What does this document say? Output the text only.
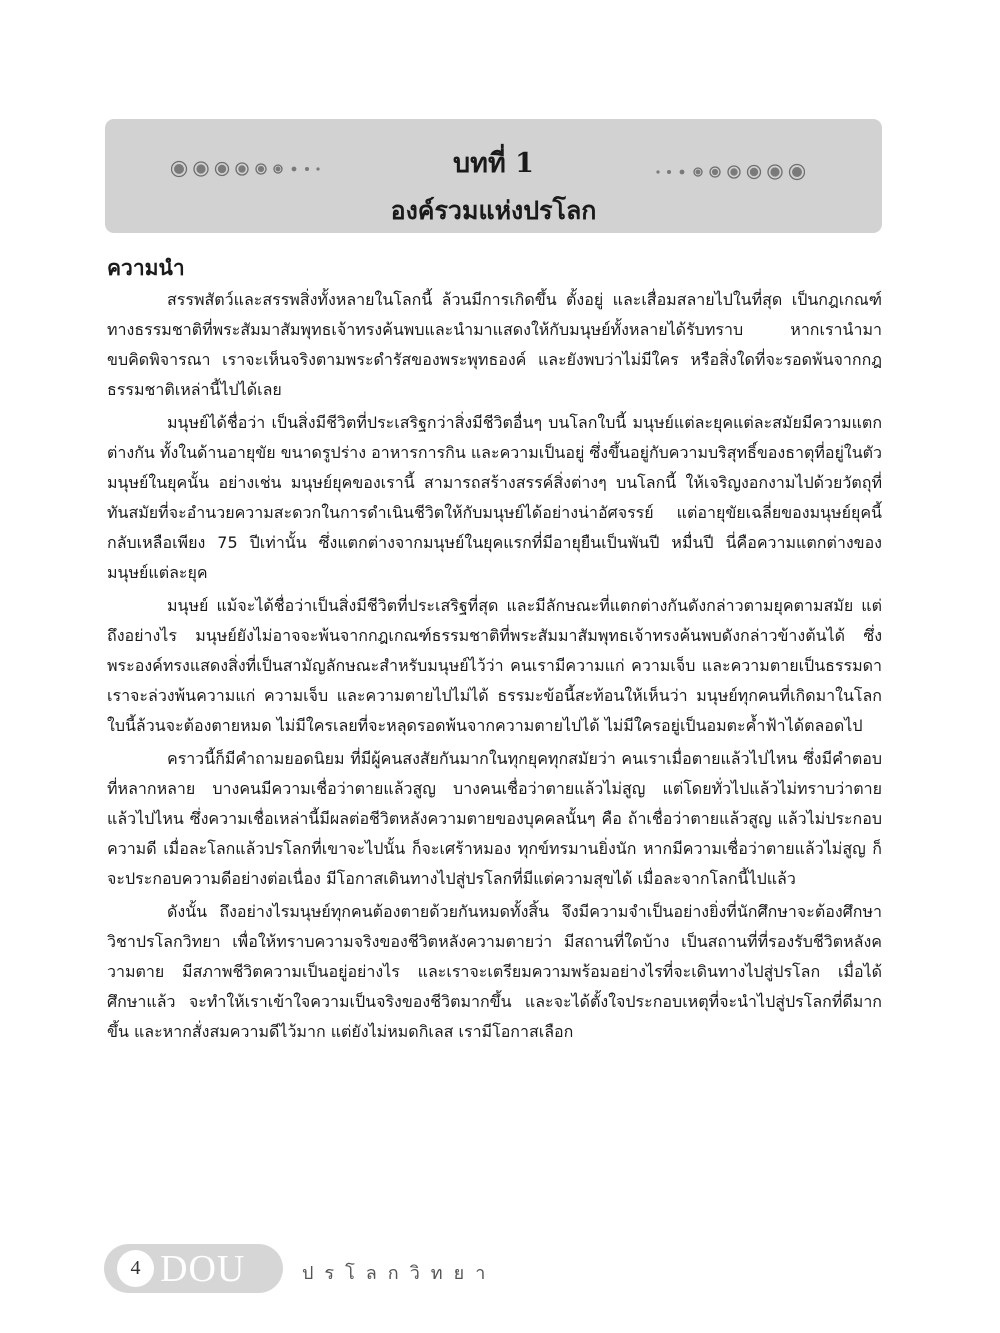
บทที่ 1
องค์รวมแห่งปรโลก
ความนำ

สรรพสัตว์และสรรพสิ่งทั้งหลายในโลกนี้ ล้วนมีการเกิดขึ้น ตั้งอยู่ และเสื่อมสลายไปในที่สุด เป็นกฎเกณฑ์ทางธรรมชาติที่พระสัมมาสัมพุทธเจ้าทรงค้นพบและนำมาแสดงให้กับมนุษย์ทั้งหลายได้รับทราบ หากเรานำมาขบคิดพิจารณา เราจะเห็นจริงตามพระดำรัสของพระพุทธองค์ และยังพบว่าไม่มีใคร หรือสิ่งใดที่จะรอดพ้นจากกฎธรรมชาติเหล่านี้ไปได้เลย

มนุษย์ได้ชื่อว่า เป็นสิ่งมีชีวิตที่ประเสริฐกว่าสิ่งมีชีวิตอื่นๆ บนโลกใบนี้ มนุษย์แต่ละยุคแต่ละสมัยมีความแตกต่างกัน ทั้งในด้านอายุขัย ขนาดรูปร่าง อาหารการกิน และความเป็นอยู่ ซึ่งขึ้นอยู่กับความบริสุทธิ์ของธาตุที่อยู่ในตัวมนุษย์ในยุคนั้น อย่างเช่น มนุษย์ยุคของเรานี้ สามารถสร้างสรรค์สิ่งต่างๆ บนโลกนี้ ให้เจริญงอกงามไปด้วยวัตถุที่ทันสมัยที่จะอำนวยความสะดวกในการดำเนินชีวิตให้กับมนุษย์ได้อย่างน่าอัศจรรย์ แต่อายุขัยเฉลี่ยของมนุษย์ยุคนี้ กลับเหลือเพียง 75 ปีเท่านั้น ซึ่งแตกต่างจากมนุษย์ในยุคแรกที่มีอายุยืนเป็นพันปี หมื่นปี นี่คือความแตกต่างของมนุษย์แต่ละยุค

มนุษย์ แม้จะได้ชื่อว่าเป็นสิ่งมีชีวิตที่ประเสริฐที่สุด และมีลักษณะที่แตกต่างกันดังกล่าวตามยุคตามสมัย แต่ถึงอย่างไร มนุษย์ยังไม่อาจจะพ้นจากกฎเกณฑ์ธรรมชาติที่พระสัมมาสัมพุทธเจ้าทรงค้นพบดังกล่าวข้างต้นได้ ซึ่งพระองค์ทรงแสดงสิ่งที่เป็นสามัญลักษณะสำหรับมนุษย์ไว้ว่า คนเรามีความแก่ ความเจ็บ และความตายเป็นธรรมดา เราจะล่วงพ้นความแก่ ความเจ็บ และความตายไปไม่ได้ ธรรมะข้อนี้สะท้อนให้เห็นว่า มนุษย์ทุกคนที่เกิดมาในโลกใบนี้ล้วนจะต้องตายหมด ไม่มีใครเลยที่จะหลุดรอดพ้นจากความตายไปได้ ไม่มีใครอยู่เป็นอมตะค้ำฟ้าได้ตลอดไป

คราวนี้ก็มีคำถามยอดนิยม ที่มีผู้คนสงสัยกันมากในทุกยุคทุกสมัยว่า คนเราเมื่อตายแล้วไปไหน ซึ่งมีคำตอบที่หลากหลาย บางคนมีความเชื่อว่าตายแล้วสูญ บางคนเชื่อว่าตายแล้วไม่สูญ แต่โดยทั่วไปแล้วไม่ทราบว่าตายแล้วไปไหน ซึ่งความเชื่อเหล่านี้มีผลต่อชีวิตหลังความตายของบุคคลนั้นๆ คือ ถ้าเชื่อว่าตายแล้วสูญ แล้วไม่ประกอบความดี เมื่อละโลกแล้วปรโลกที่เขาจะไปนั้น ก็จะเศร้าหมอง ทุกข์ทรมานยิ่งนัก หากมีความเชื่อว่าตายแล้วไม่สูญ ก็จะประกอบความดีอย่างต่อเนื่อง มีโอกาสเดินทางไปสู่ปรโลกที่มีแต่ความสุขได้ เมื่อละจากโลกนี้ไปแล้ว

ดังนั้น ถึงอย่างไรมนุษย์ทุกคนต้องตายด้วยกันหมดทั้งสิ้น จึงมีความจำเป็นอย่างยิ่งที่นักศึกษาจะต้องศึกษาวิชาปรโลกวิทยา เพื่อให้ทราบความจริงของชีวิตหลังความตายว่า มีสถานที่ใดบ้าง เป็นสถานที่ที่รองรับชีวิตหลังความตาย มีสภาพชีวิตความเป็นอยู่อย่างไร และเราจะเตรียมความพร้อมอย่างไรที่จะเดินทางไปสู่ปรโลก เมื่อได้ศึกษาแล้ว จะทำให้เราเข้าใจความเป็นจริงของชีวิตมากขึ้น และจะได้ตั้งใจประกอบเหตุที่จะนำไปสู่ปรโลกที่ดีมากขึ้น และหากสั่งสมความดีไว้มาก แต่ยังไม่หมดกิเลส เรามีโอกาสเลือก

4 DOU	ปรโลกวิทยา
